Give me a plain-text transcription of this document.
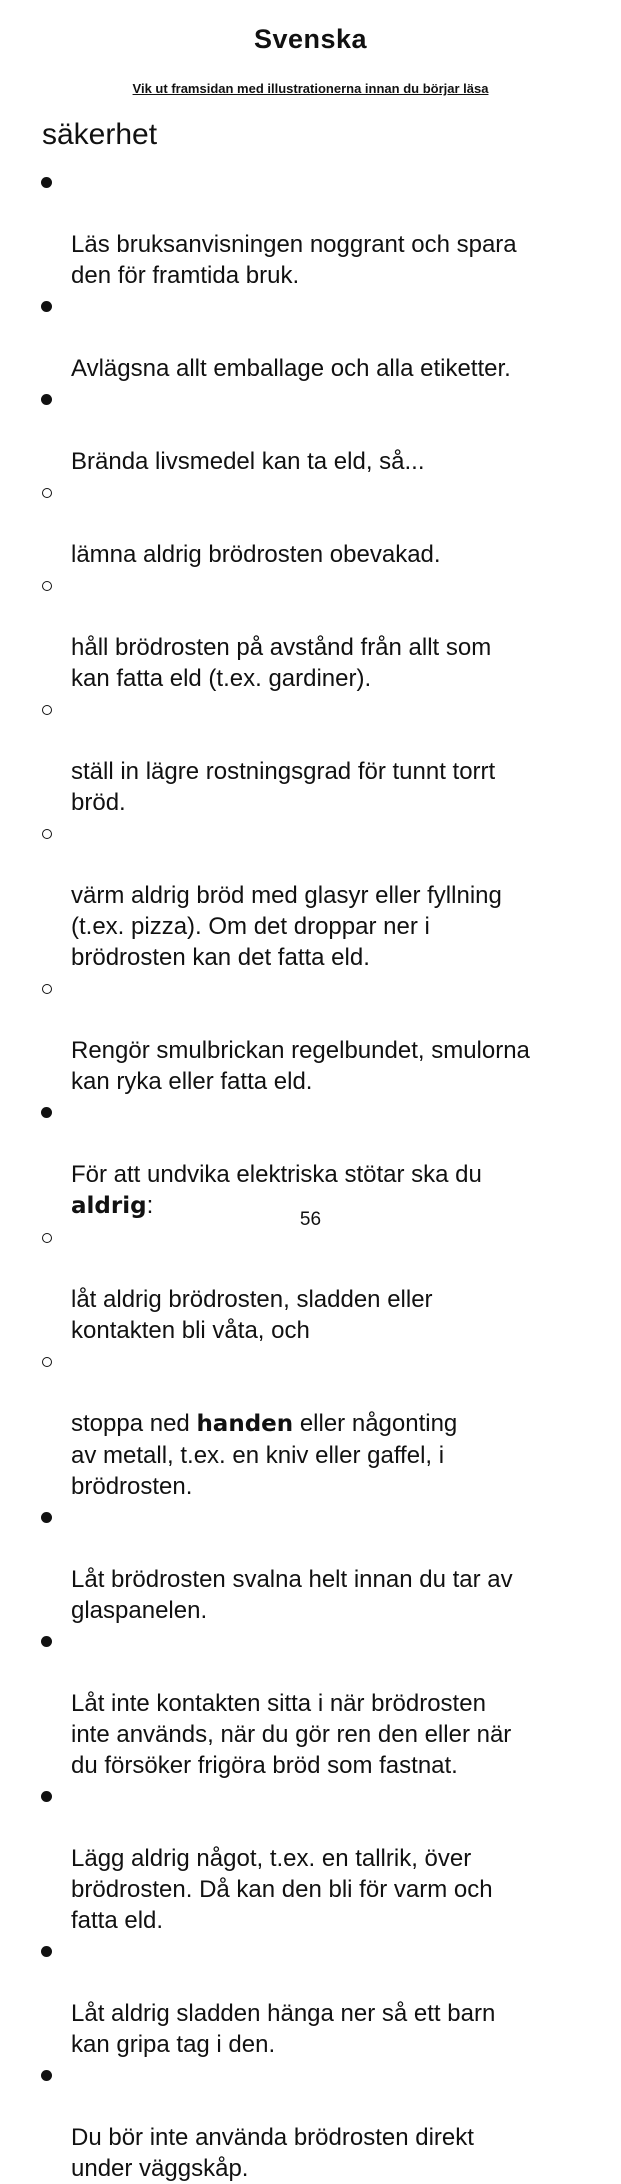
Svenska
Vik ut framsidan med illustrationerna innan du börjar läsa
säkerhet

Läs bruksanvisningen noggrant och spara
den för framtida bruk.

Avlägsna allt emballage och alla etiketter.

Brända livsmedel kan ta eld, så...

lämna aldrig brödrosten obevakad.

håll brödrosten på avstånd från allt som
kan fatta eld (t.ex. gardiner).

ställ in lägre rostningsgrad för tunnt torrt
bröd.

värm aldrig bröd med glasyr eller fyllning
(t.ex. pizza). Om det droppar ner i
brödrosten kan det fatta eld.

Rengör smulbrickan regelbundet, smulorna
kan ryka eller fatta eld.

För att undvika elektriska stötar ska du
aldrig:

låt aldrig brödrosten, sladden eller
kontakten bli våta, och

stoppa ned handen eller någonting
av metall, t.ex. en kniv eller gaffel, i
brödrosten.

Låt brödrosten svalna helt innan du tar av
glaspanelen.

Låt inte kontakten sitta i när brödrosten
inte används, när du gör ren den eller när
du försöker frigöra bröd som fastnat.

Lägg aldrig något, t.ex. en tallrik, över
brödrosten. Då kan den bli för varm och
fatta eld.

Låt aldrig sladden hänga ner så ett barn
kan gripa tag i den.

Du bör inte använda brödrosten direkt
under väggskåp.

56
